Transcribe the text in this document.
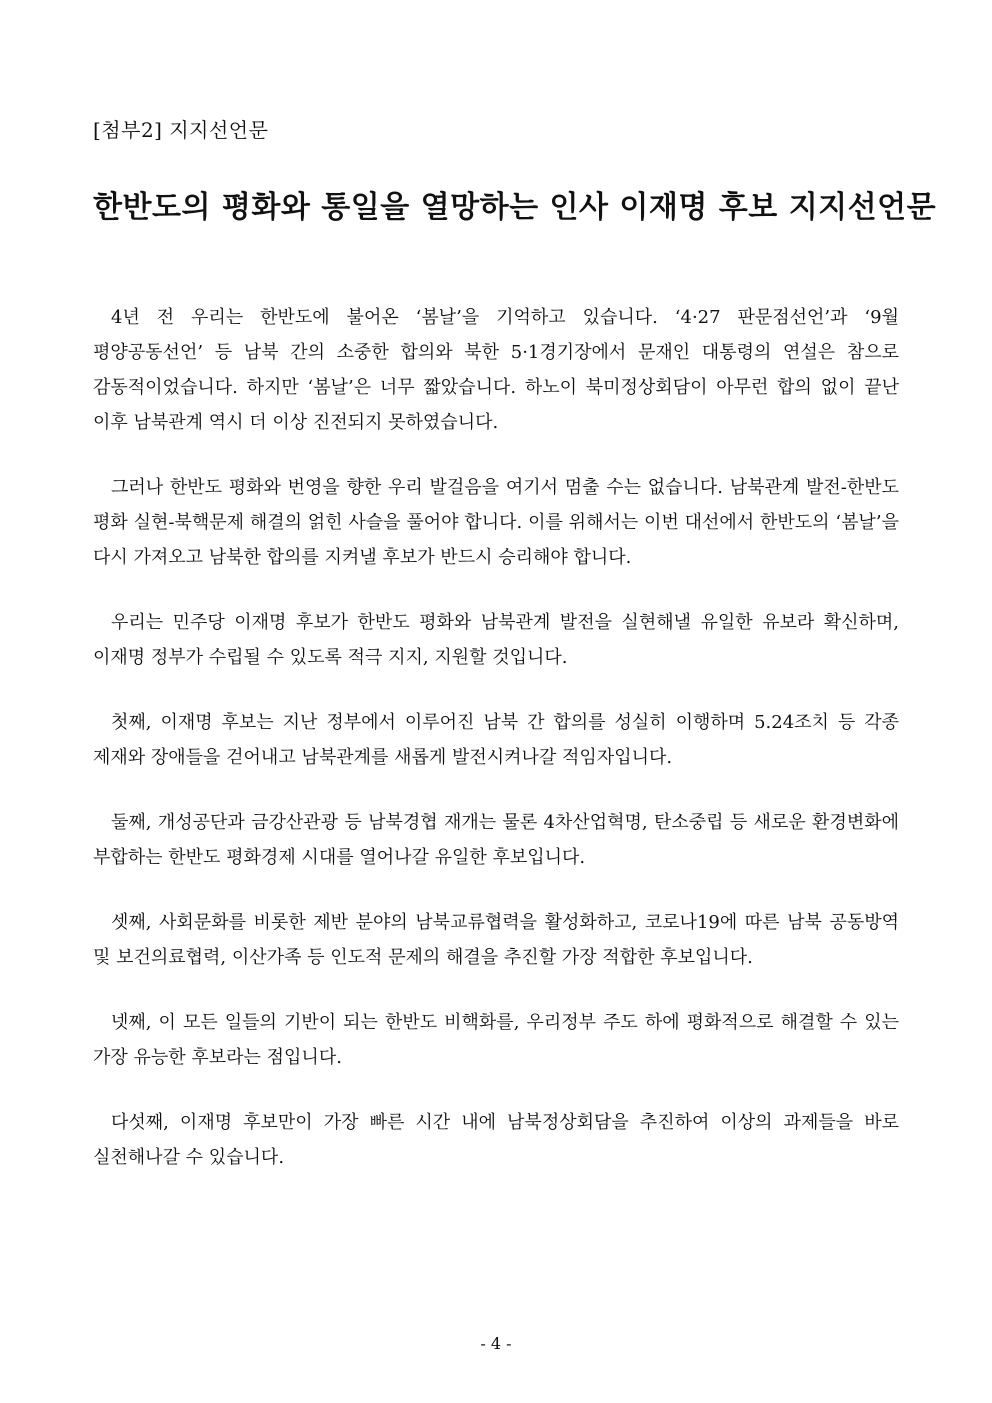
[첨부2] 지지선언문
한반도의 평화와 통일을 열망하는 인사 이재명 후보 지지선언문

4년 전 우리는 한반도에 불어온 ‘봄날’을 기억하고 있습니다. ‘4·27 판문점선언’과 ‘9월 평양공동선언’ 등 남북 간의 소중한 합의와 북한 5·1경기장에서 문재인 대통령의 연설은 참으로 감동적이었습니다. 하지만 ‘봄날’은 너무 짧았습니다. 하노이 북미정상회담이 아무런 합의 없이 끝난 이후 남북관계 역시 더 이상 진전되지 못하였습니다.

그러나 한반도 평화와 번영을 향한 우리 발걸음을 여기서 멈출 수는 없습니다. 남북관계 발전-한반도 평화 실현-북핵문제 해결의 얽힌 사슬을 풀어야 합니다. 이를 위해서는 이번 대선에서 한반도의 ‘봄날’을 다시 가져오고 남북한 합의를 지켜낼 후보가 반드시 승리해야 합니다.

우리는 민주당 이재명 후보가 한반도 평화와 남북관계 발전을 실현해낼 유일한 유보라 확신하며, 이재명 정부가 수립될 수 있도록 적극 지지, 지원할 것입니다.

첫째, 이재명 후보는 지난 정부에서 이루어진 남북 간 합의를 성실히 이행하며 5.24조치 등 각종 제재와 장애들을 걷어내고 남북관계를 새롭게 발전시켜나갈 적임자입니다.

둘째, 개성공단과 금강산관광 등 남북경협 재개는 물론 4차산업혁명, 탄소중립 등 새로운 환경변화에 부합하는 한반도 평화경제 시대를 열어나갈 유일한 후보입니다.

셋째, 사회문화를 비롯한 제반 분야의 남북교류협력을 활성화하고, 코로나19에 따른 남북 공동방역 및 보건의료협력, 이산가족 등 인도적 문제의 해결을 추진할 가장 적합한 후보입니다.

넷째, 이 모든 일들의 기반이 되는 한반도 비핵화를, 우리정부 주도 하에 평화적으로 해결할 수 있는 가장 유능한 후보라는 점입니다.

다섯째, 이재명 후보만이 가장 빠른 시간 내에 남북정상회담을 추진하여 이상의 과제들을 바로 실천해나갈 수 있습니다.

- 4 -
